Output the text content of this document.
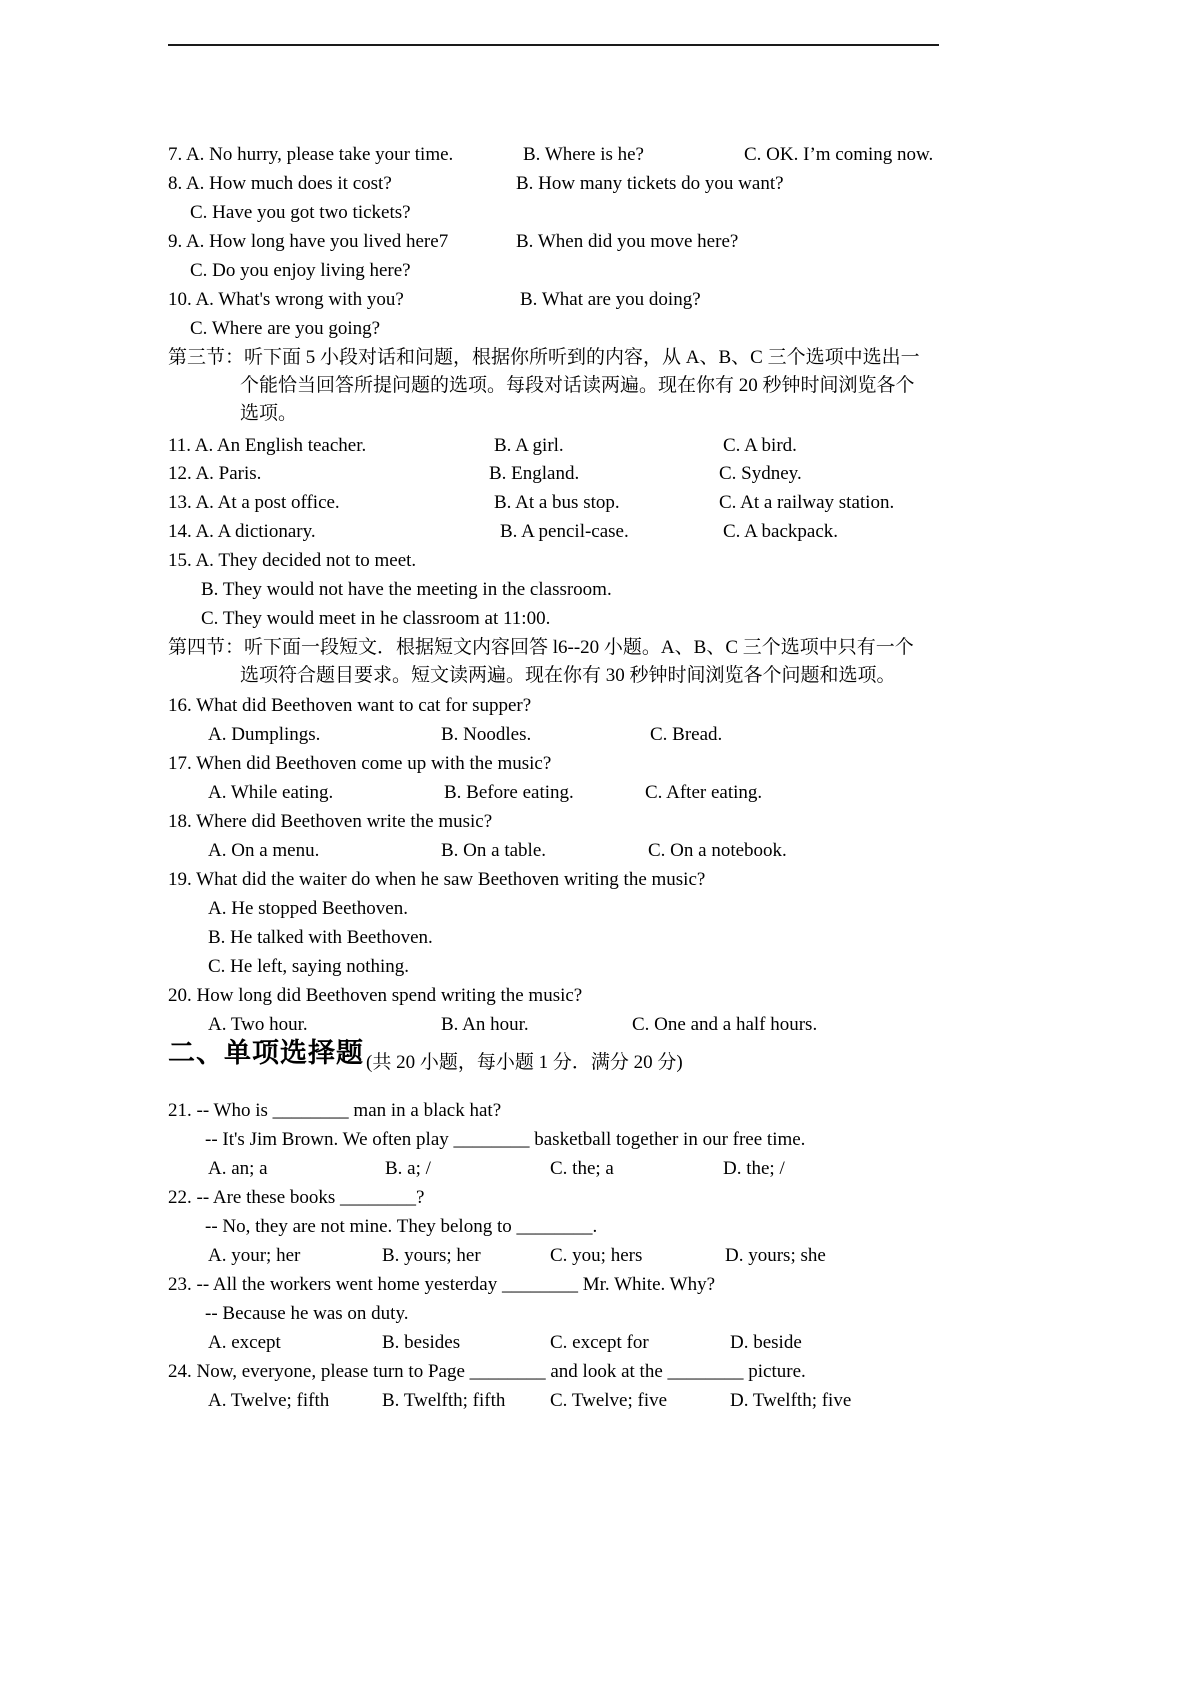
7. A. No hurry, please take your time.	B. Where is he?	C. OK. I’m coming now.
8. A. How much does it cost?	B. How many tickets do you want?
C. Have you got two tickets?
9. A. How long have you lived here7	B. When did you move here?
C. Do you enjoy living here?
10. A. What's wrong with you?	B. What are you doing?
C. Where are you going?
第三节：听下面 5 小段对话和问题，根据你所听到的内容，从 A、B、C 三个选项中选出一
个能恰当回答所提问题的选项。每段对话读两遍。现在你有 20 秒钟时间浏览各个
选项。
11. A. An English teacher.	B. A girl.	C. A bird.
12. A. Paris.	B. England.	C. Sydney.
13. A. At a post office.	B. At a bus stop.	C. At a railway station.
14. A. A dictionary.	B. A pencil-case.	C. A backpack.
15. A. They decided not to meet.
B. They would not have the meeting in the classroom.
C. They would meet in he classroom at 11:00.
第四节：听下面一段短文．根据短文内容回答 l6--20 小题。A、B、C 三个选项中只有一个
选项符合题目要求。短文读两遍。现在你有 30 秒钟时间浏览各个问题和选项。
16. What did Beethoven want to cat for supper?
A. Dumplings.	B. Noodles.	C. Bread.
17. When did Beethoven come up with the music?
A. While eating.	B. Before eating.	C. After eating.
18. Where did Beethoven write the music?
A. On a menu.	B. On a table.	C. On a notebook.
19. What did the waiter do when he saw Beethoven writing the music?
A. He stopped Beethoven.
B. He talked with Beethoven.
C. He left, saying nothing.
20. How long did Beethoven spend writing the music?
A. Two hour.	B. An hour.	C. One and a half hours.
二、单项选择题 (共 20 小题，每小题 1 分．满分 20 分)
21. -- Who is ________ man in a black hat?
-- It's Jim Brown. We often play ________ basketball together in our free time.
A. an; a	B. a; /	C. the; a	D. the; /
22. -- Are these books ________?
-- No, they are not mine. They belong to ________.
A. your; her	B. yours; her	C. you; hers	D. yours; she
23. -- All the workers went home yesterday ________ Mr. White. Why?
-- Because he was on duty.
A. except	B. besides	C. except for	D. beside
24. Now, everyone, please turn to Page ________ and look at the ________ picture.
A. Twelve; fifth	B. Twelfth; fifth C. Twelve; five	D. Twelfth; five
